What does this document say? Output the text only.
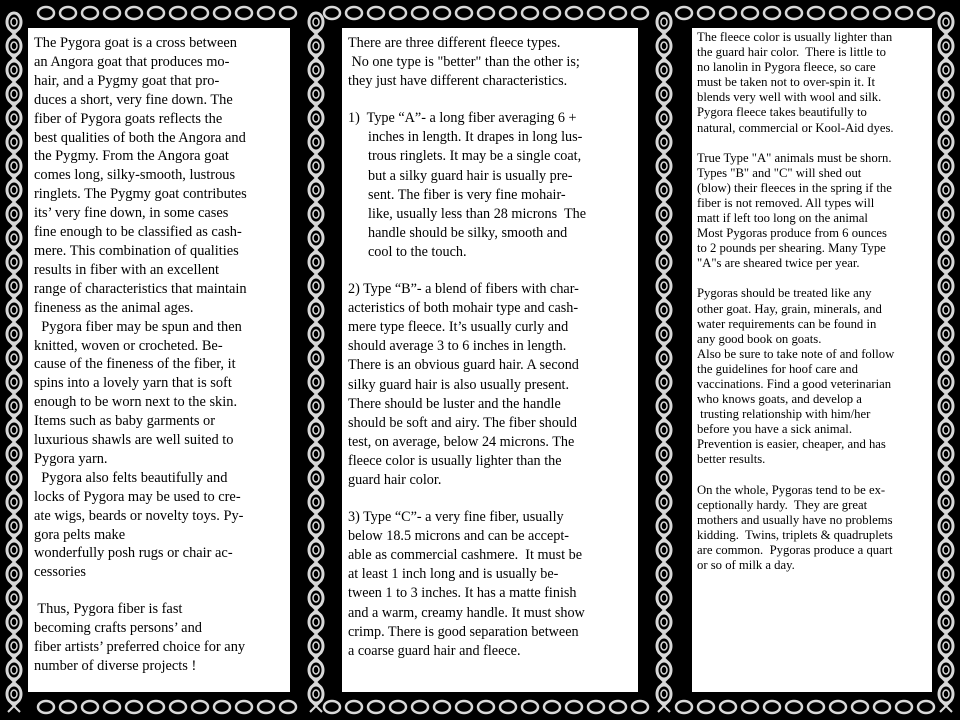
The Pygora goat is a cross between

an Angora goat that produces mo-

hair, and a Pygmy goat that pro-

duces a short, very fine down. The

fiber of Pygora goats reflects the

best qualities of both the Angora and

the Pygmy. From the Angora goat

comes long, silky-smooth, lustrous

ringlets. The Pygmy goat contributes

its’ very fine down, in some cases

fine enough to be classified as cash-

mere. This combination of qualities

results in fiber with an excellent

range of characteristics that maintain

fineness as the animal ages.

Pygora fiber may be spun and then

knitted, woven or crocheted. Be-

cause of the fineness of the fiber, it

spins into a lovely yarn that is soft

enough to be worn next to the skin.

Items such as baby garments or

luxurious shawls are well suited to

Pygora yarn.

Pygora also felts beautifully and

locks of Pygora may be used to cre-

ate wigs, beards or novelty toys. Py-

gora pelts make

wonderfully posh rugs or chair ac-

cessories

Thus, Pygora fiber is fast

becoming crafts persons’ and

fiber artists’ preferred choice for any

number of diverse projects !

There are three different fleece types.

No one type is "better" than the other is;

they just have different characteristics.

1)  Type “A”- a long fiber averaging 6 +

inches in length. It drapes in long lus-

trous ringlets. It may be a single coat,

but a silky guard hair is usually pre-

sent. The fiber is very fine mohair-

like, usually less than 28 microns  The

handle should be silky, smooth and

cool to the touch.

2) Type “B”- a blend of fibers with char-

acteristics of both mohair type and cash-

mere type fleece. It’s usually curly and

should average 3 to 6 inches in length.

There is an obvious guard hair. A second

silky guard hair is also usually present.

There should be luster and the handle

should be soft and airy. The fiber should

test, on average, below 24 microns. The

fleece color is usually lighter than the

guard hair color.

3) Type “C”- a very fine fiber, usually

below 18.5 microns and can be accept-

able as commercial cashmere.  It must be

at least 1 inch long and is usually be-

tween 1 to 3 inches. It has a matte finish

and a warm, creamy handle. It must show

crimp. There is good separation between

a coarse guard hair and fleece.

The fleece color is usually lighter than

the guard hair color.  There is little to

no lanolin in Pygora fleece, so care

must be taken not to over-spin it. It

blends very well with wool and silk.

Pygora fleece takes beautifully to

natural, commercial or Kool-Aid dyes.

True Type "A" animals must be shorn.

Types "B" and "C" will shed out

(blow) their fleeces in the spring if the

fiber is not removed. All types will

matt if left too long on the animal

Most Pygoras produce from 6 ounces

to 2 pounds per shearing. Many Type

"A"s are sheared twice per year.

Pygoras should be treated like any

other goat. Hay, grain, minerals, and

water requirements can be found in

any good book on goats.

Also be sure to take note of and follow

the guidelines for hoof care and

vaccinations. Find a good veterinarian

who knows goats, and develop a

trusting relationship with him/her

before you have a sick animal.

Prevention is easier, cheaper, and has

better results.

On the whole, Pygoras tend to be ex-

ceptionally hardy.  They are great

mothers and usually have no problems

kidding.  Twins, triplets & quadruplets

are common.  Pygoras produce a quart

or so of milk a day.
